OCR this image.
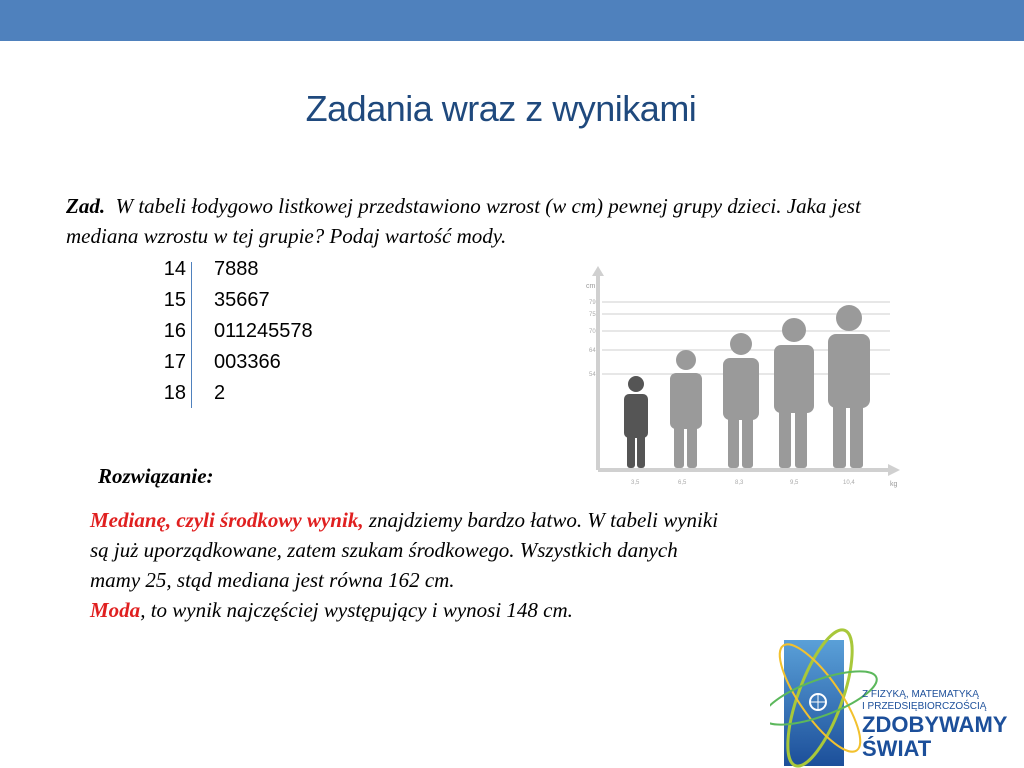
Zadania wraz z wynikami
Zad. W tabeli łodygowo listkowej przedstawiono wzrost (w cm) pewnej grupy dzieci. Jaka jest mediana wzrostu w tej grupie? Podaj wartość mody.
14 7888
15 35667
16 011245578
17 003366
18 2
cm
kg
79
75
70
64
54
3,5	6,5	8,3	9,5	10,4
Rozwiązanie:
Medianę, czyli środkowy wynik, znajdziemy bardzo łatwo. W tabeli wyniki są już uporządkowane, zatem szukam środkowego. Wszystkich danych mamy 25, stąd mediana jest równa 162 cm.
Moda, to wynik najczęściej występujący i wynosi 148 cm.
Z FIZYKĄ, MATEMATYKĄ
I PRZEDSIĘBIORCZOŚCIĄ
ZDOBYWAMY
ŚWIAT
